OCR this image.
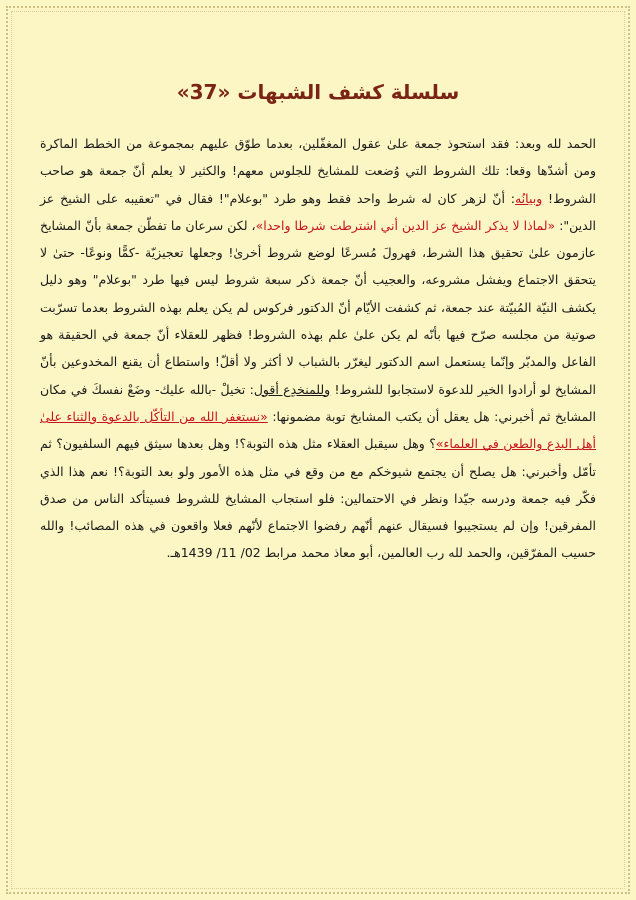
سلسلة كشف الشبهات «37»

الحمد لله وبعد: فقد استحوذ جمعة علىٰ عقول المغفّلين، بعدما طوّق عليهم بمجموعة من الخطط الماكرة ومن أشدّها وقعا: تلك الشروط التي وُضعت للمشايخ للجلوس معهم! والكثير لا يعلم أنّ جمعة هو صاحب الشروط! وبيانُه: أنّ لزهر كان له شرط واحد فقط وهو طرد "بوعلام"! فقال في "تعقيبه على الشيخ عز الدين": «لماذا لا يذكر الشيخ عز الدين أني اشترطت شرطا واحدا»، لكن سرعان ما تفطّن جمعة بأنّ المشايخ عازمون علىٰ تحقيق هذا الشرط، فهرولَ مُسرعًا لوضع شروط أخرىٰ! وجعلها تعجيزيّة -كمًّا ونوعًا- حتىٰ لا يتحقق الاجتماع ويفشل مشروعه، والعجيب أنّ جمعة ذكر سبعة شروط ليس فيها طرد "بوعلام" وهو دليل يكشف النيّة المُبيّتة عند جمعة، ثم كشفت الأيّام أنّ الدكتور فركوس لم يكن يعلم بهذه الشروط بعدما تسرّبت صوتية من مجلسه صرّح فيها بأنّه لم يكن علىٰ علم بهذه الشروط! فظهر للعقلاء أنّ جمعة في الحقيقة هو الفاعل والمدبّر وإنّما يستعمل اسم الدكتور ليغرّر بالشباب لا أكثر ولا أقلّ! واستطاع أن يقنع المخدوعين بأنّ المشايخ لو أرادوا الخير للدعوة لاستجابوا للشروط! وللمنخدِع أقول: تخيلْ -بالله عليك- وضَعْ نفسكَ في مكان المشايخ ثم أخبرني: هل يعقل أن يكتب المشايخ توبة مضمونها: «نستغفر الله من التأكّل بالدعوة والثناء علىٰ أهل البدع والطعن في العلماء»؟ وهل سيقبل العقلاء مثل هذه التوبة؟! وهل بعدها سيثق فيهم السلفيون؟ ثم تأمّل وأخبرني: هل يصلح أن يجتمع شيوخكم مع من وقع في مثل هذه الأمور ولو بعد التوبة؟! نعم هذا الذي فكّر فيه جمعة ودرسه جيّدا ونظر في الاحتمالين: فلو استجاب المشايخ للشروط فسيتأكد الناس من صدق المفرقين! وإن لم يستجيبوا فسيقال عنهم أنّهم رفضوا الاجتماع لأنّهم فعلا واقعون في هذه المصائب! والله حسيب المفرّقين، والحمد لله رب العالمين، أبو معاذ محمد مرابط 02/ 11/ 1439هـ.
